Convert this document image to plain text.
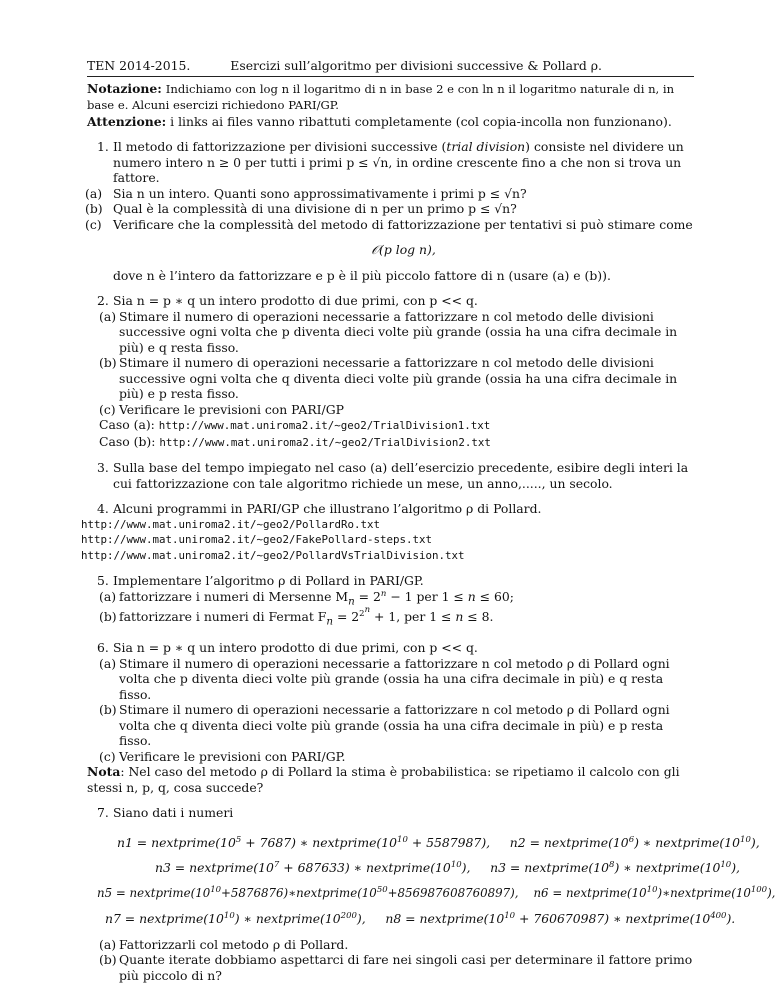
TEN 2014-2015.	Esercizi sull’algoritmo per divisioni successive & Pollard ρ.
Notazione: Indichiamo con log n il logaritmo di n in base 2 e con ln n il logaritmo naturale di n, in base e. Alcuni esercizi richiedono PARI/GP.
Attenzione: i links ai files vanno ribattuti completamente (col copia-incolla non funzionano).
1. Il metodo di fattorizzazione per divisioni successive (trial division) consiste nel dividere un numero intero n ≥ 0 per tutti i primi p ≤ √n, in ordine crescente fino a che non si trova un fattore.
(a) Sia n un intero. Quanti sono approssimativamente i primi p ≤ √n?
(b) Qual è la complessità di una divisione di n per un primo p ≤ √n?
(c) Verificare che la complessità del metodo di fattorizzazione per tentativi si può stimare come
𝒪(p log n),
dove n è l’intero da fattorizzare e p è il più piccolo fattore di n (usare (a) e (b)).
2. Sia n = p ∗ q un intero prodotto di due primi, con p << q.
(a) Stimare il numero di operazioni necessarie a fattorizzare n col metodo delle divisioni successive ogni volta che p diventa dieci volte più grande (ossia ha una cifra decimale in più) e q resta fisso.
(b) Stimare il numero di operazioni necessarie a fattorizzare n col metodo delle divisioni successive ogni volta che q diventa dieci volte più grande (ossia ha una cifra decimale in più) e p resta fisso.
(c) Verificare le previsioni con PARI/GP
Caso (a): http://www.mat.uniroma2.it/∼geo2/TrialDivision1.txt
Caso (b): http://www.mat.uniroma2.it/∼geo2/TrialDivision2.txt
3. Sulla base del tempo impiegato nel caso (a) dell’esercizio precedente, esibire degli interi la cui fattorizzazione con tale algoritmo richiede un mese, un anno,....., un secolo.
4. Alcuni programmi in PARI/GP che illustrano l’algoritmo ρ di Pollard.
http://www.mat.uniroma2.it/∼geo2/PollardRo.txt
http://www.mat.uniroma2.it/∼geo2/FakePollard-steps.txt
http://www.mat.uniroma2.it/∼geo2/PollardVsTrialDivision.txt
5. Implementare l’algoritmo ρ di Pollard in PARI/GP.
(a) fattorizzare i numeri di Mersenne $M_n = 2^n - 1$ per 1 ≤ n ≤ 60;
(b) fattorizzare i numeri di Fermat $F_n = 2^{2^n} + 1$, per 1 ≤ n ≤ 8.
6. Sia n = p ∗ q un intero prodotto di due primi, con p << q.
(a) Stimare il numero di operazioni necessarie a fattorizzare n col metodo ρ di Pollard ogni volta che p diventa dieci volte più grande (ossia ha una cifra decimale in più) e q resta fisso.
(b) Stimare il numero di operazioni necessarie a fattorizzare n col metodo ρ di Pollard ogni volta che q diventa dieci volte più grande (ossia ha una cifra decimale in più) e p resta fisso.
(c) Verificare le previsioni con PARI/GP.
Nota: Nel caso del metodo ρ di Pollard la stima è probabilistica: se ripetiamo il calcolo con gli stessi n, p, q, cosa succede?
7. Siano dati i numeri
$n1 = nextprime(10^5 + 7687)$ ∗ $nextprime(10^{10} + 5587987)$,     $n2 = nextprime(10^6)$ ∗ $nextprime(10^{10})$,
$n3 = nextprime(10^7 + 687633)$ ∗ $nextprime(10^{10})$,     $n3 = nextprime(10^8)$ ∗ $nextprime(10^{10})$,
$n5 = nextprime(10^{10}+5876876)∗nextprime(10^{50}+856987608760897)$,    $n6 = nextprime(10^{10})∗nextprime(10^{100})$,
$n7 = nextprime(10^{10})$ ∗ $nextprime(10^{200})$,     $n8 = nextprime(10^{10} + 760670987)$ ∗ $nextprime(10^{400})$.
(a) Fattorizzarli col metodo ρ di Pollard.
(b) Quante iterate dobbiamo aspettarci di fare nei singoli casi per determinare il fattore primo più piccolo di n?
